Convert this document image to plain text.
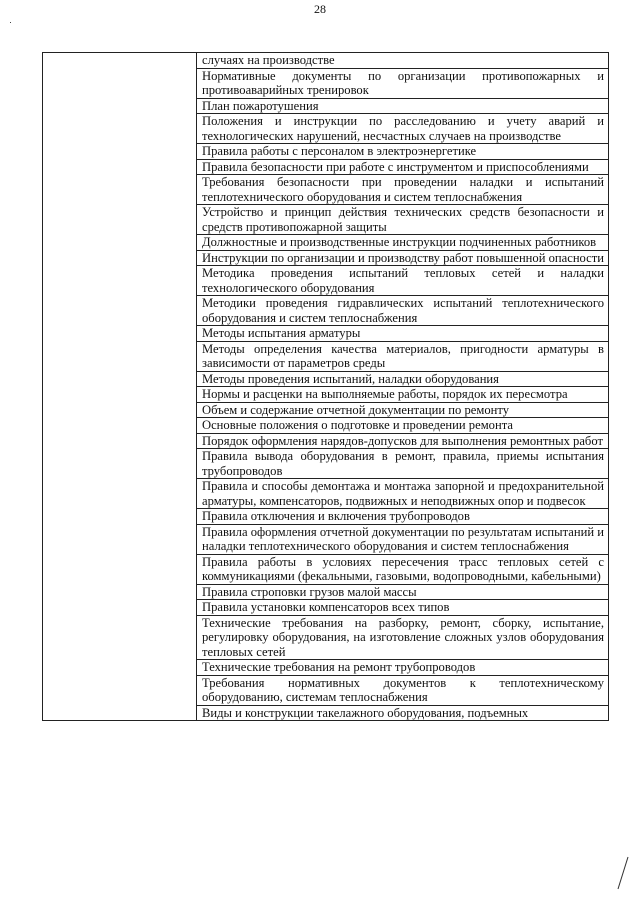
28
	случаях на производстве
Нормативные документы по организации противопожарных и противоаварийных тренировок
План пожаротушения
Положения и инструкции по расследованию и учету аварий и технологических нарушений, несчастных случаев на производстве
Правила работы с персоналом в электроэнергетике
Правила безопасности при работе с инструментом и приспособлениями
Требования безопасности при проведении наладки и испытаний теплотехнического оборудования и систем теплоснабжения
Устройство и принцип действия технических средств безопасности и средств противопожарной защиты
Должностные и производственные инструкции подчиненных работников
Инструкции по организации и производству работ повышенной опасности
Методика проведения испытаний тепловых сетей и наладки технологического оборудования
Методики проведения гидравлических испытаний теплотехнического оборудования и систем теплоснабжения
Методы испытания арматуры
Методы определения качества материалов, пригодности арматуры в зависимости от параметров среды
Методы проведения испытаний, наладки оборудования
Нормы и расценки на выполняемые работы, порядок их пересмотра
Объем и содержание отчетной документации по ремонту
Основные положения о подготовке и проведении ремонта
Порядок оформления нарядов-допусков для выполнения ремонтных работ
Правила вывода оборудования в ремонт, правила, приемы испытания трубопроводов
Правила и способы демонтажа и монтажа запорной и предохранительной арматуры, компенсаторов, подвижных и неподвижных опор и подвесок
Правила отключения и включения трубопроводов
Правила оформления отчетной документации по результатам испытаний и наладки теплотехнического оборудования и систем теплоснабжения
Правила работы в условиях пересечения трасс тепловых сетей с коммуникациями (фекальными, газовыми, водопроводными, кабельными)
Правила строповки грузов малой массы
Правила установки компенсаторов всех типов
Технические требования на разборку, ремонт, сборку, испытание, регулировку оборудования, на изготовление сложных узлов оборудования тепловых сетей
Технические требования на ремонт трубопроводов
Требования нормативных документов к теплотехническому оборудованию, системам теплоснабжения
Виды и конструкции такелажного оборудования, подъемных
